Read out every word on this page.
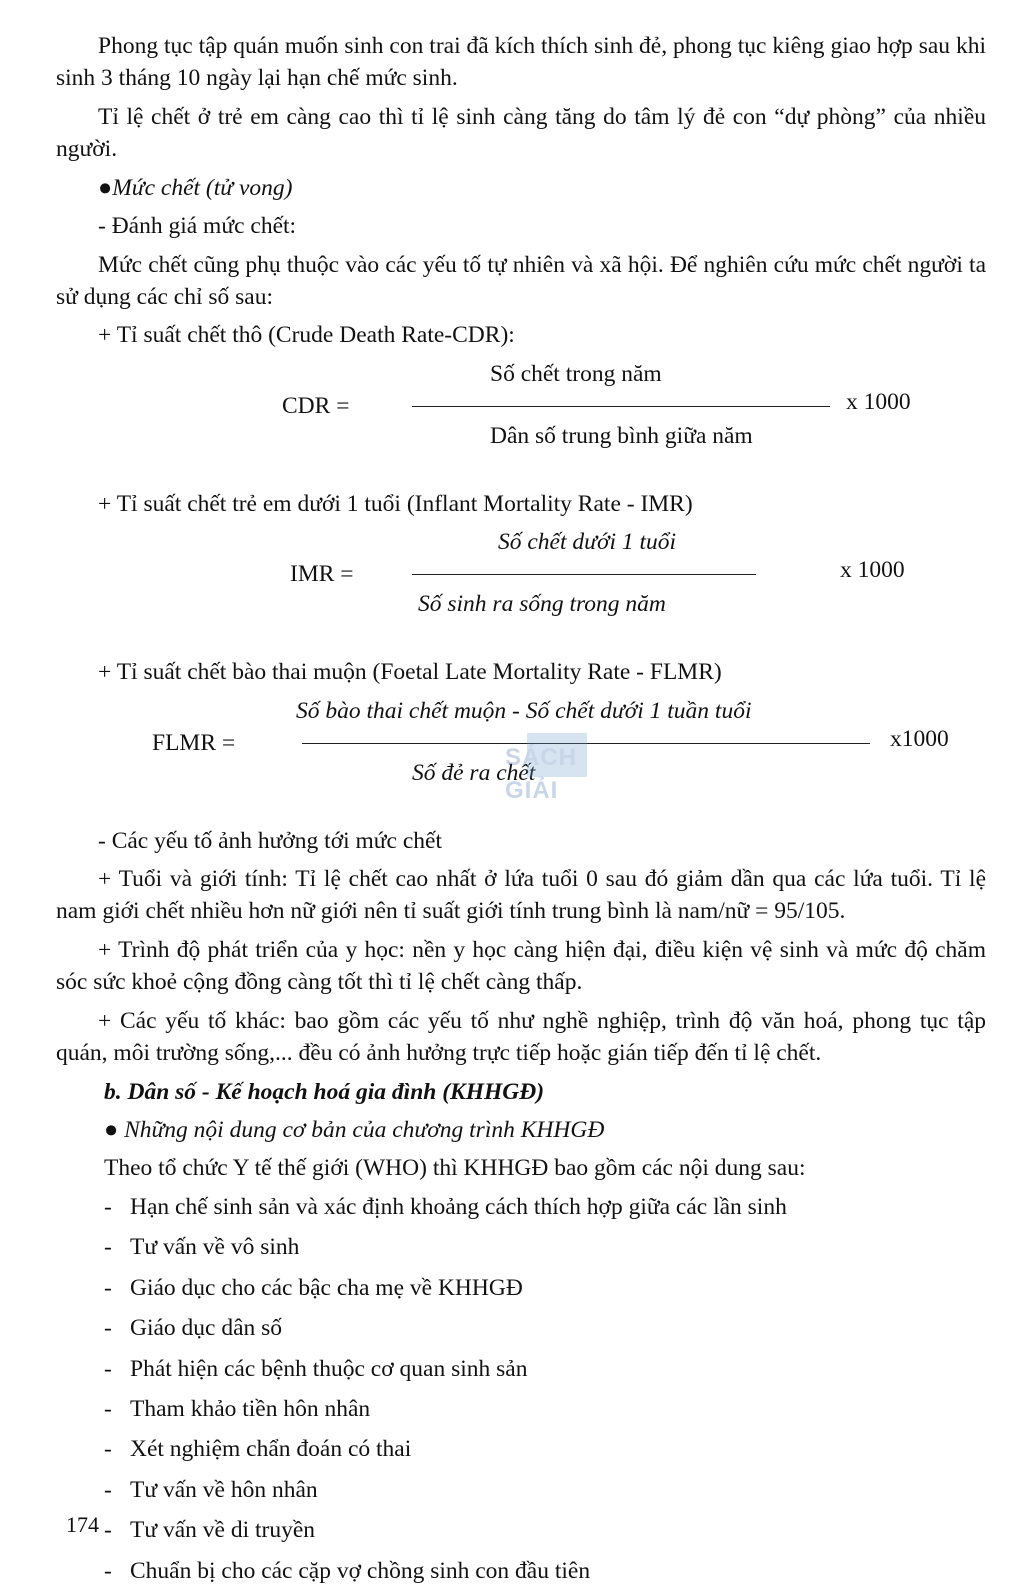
Phong tục tập quán muốn sinh con trai đã kích thích sinh đẻ, phong tục kiêng giao hợp sau khi sinh 3 tháng 10 ngày lại hạn chế mức sinh.

Tỉ lệ chết ở trẻ em càng cao thì tỉ lệ sinh càng tăng do tâm lý đẻ con “dự phòng” của nhiều người.

●Mức chết (tử vong)

- Đánh giá mức chết:

Mức chết cũng phụ thuộc vào các yếu tố tự nhiên và xã hội. Để nghiên cứu mức chết người ta sử dụng các chỉ số sau:

+ Tỉ suất chết thô (Crude Death Rate-CDR):

Số chết trong năm
CDR =	x 1000
Dân số trung bình giữa năm

+ Tỉ suất chết trẻ em dưới 1 tuổi (Inflant Mortality Rate - IMR)

Số chết dưới 1 tuổi
IMR =	x 1000
Số sinh ra sống trong năm

+ Tỉ suất chết bào thai muộn (Foetal Late Mortality Rate - FLMR)

Số bào thai chết muộn - Số chết dưới 1 tuần tuổi
FLMR =	x1000
Số đẻ ra chết

- Các yếu tố ảnh hưởng tới mức chết

+ Tuổi và giới tính: Tỉ lệ chết cao nhất ở lứa tuổi 0 sau đó giảm dần qua các lứa tuổi. Tỉ lệ nam giới chết nhiều hơn nữ giới nên tỉ suất giới tính trung bình là nam/nữ = 95/105.

+ Trình độ phát triển của y học: nền y học càng hiện đại, điều kiện vệ sinh và mức độ chăm sóc sức khoẻ cộng đồng càng tốt thì tỉ lệ chết càng thấp.

+ Các yếu tố khác: bao gồm các yếu tố như nghề nghiệp, trình độ văn hoá, phong tục tập quán, môi trường sống,... đều có ảnh hưởng trực tiếp hoặc gián tiếp đến tỉ lệ chết.

b. Dân số - Kế hoạch hoá gia đình (KHHGĐ)

● Những nội dung cơ bản của chương trình KHHGĐ

Theo tổ chức Y tế thế giới (WHO) thì KHHGĐ bao gồm các nội dung sau:

- Hạn chế sinh sản và xác định khoảng cách thích hợp giữa các lần sinh
- Tư vấn về vô sinh
- Giáo dục cho các bậc cha mẹ về KHHGĐ
- Giáo dục dân số
- Phát hiện các bệnh thuộc cơ quan sinh sản
- Tham khảo tiền hôn nhân
- Xét nghiệm chẩn đoán có thai
- Tư vấn về hôn nhân
- Tư vấn về di truyền
- Chuẩn bị cho các cặp vợ chồng sinh con đầu tiên
SÁCH GIẢI
174
